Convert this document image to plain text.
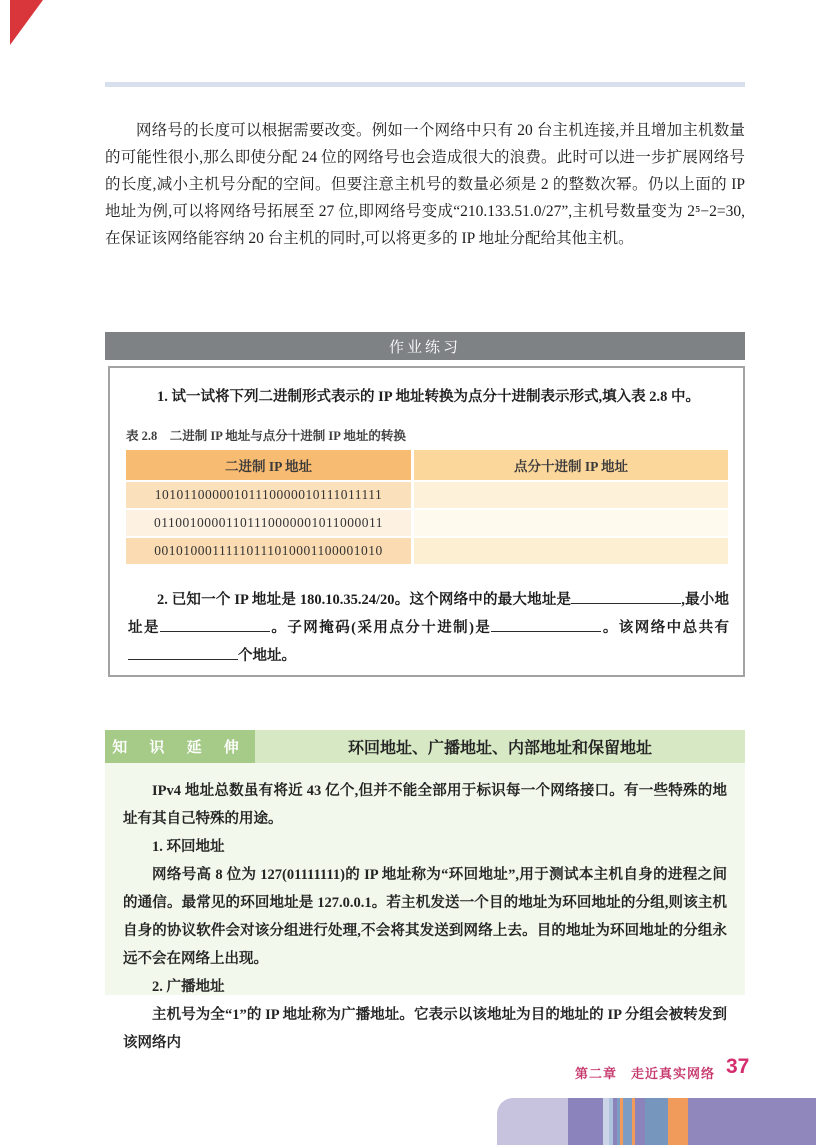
网络号的长度可以根据需要改变。例如一个网络中只有 20 台主机连接,并且增加主机数量的可能性很小,那么即使分配 24 位的网络号也会造成很大的浪费。此时可以进一步扩展网络号的长度,减小主机号分配的空间。但要注意主机号的数量必须是 2 的整数次幂。仍以上面的 IP 地址为例,可以将网络号拓展至 27 位,即网络号变成“210.133.51.0/27”,主机号数量变为 2⁵−2=30,在保证该网络能容纳 20 台主机的同时,可以将更多的 IP 地址分配给其他主机。

作业练习

1. 试一试将下列二进制形式表示的 IP 地址转换为点分十进制表示形式,填入表 2.8 中。

表 2.8　二进制 IP 地址与点分十进制 IP 地址的转换
二进制 IP 地址	点分十进制 IP 地址
10101100000101110000010111011111
01100100001101110000001011000011
00101000111110111010001100001010

2. 已知一个 IP 地址是 180.10.35.24/20。这个网络中的最大地址是	,最小地址是	。子网掩码(采用点分十进制)是	。该网络中总共有个地址。

知 识 延 伸	环回地址、广播地址、内部地址和保留地址

IPv4 地址总数虽有将近 43 亿个,但并不能全部用于标识每一个网络接口。有一些特殊的地址有其自己特殊的用途。

1. 环回地址

网络号高 8 位为 127(01111111)的 IP 地址称为“环回地址”,用于测试本主机自身的进程之间的通信。最常见的环回地址是 127.0.0.1。若主机发送一个目的地址为环回地址的分组,则该主机自身的协议软件会对该分组进行处理,不会将其发送到网络上去。目的地址为环回地址的分组永远不会在网络上出现。

2. 广播地址

主机号为全“1”的 IP 地址称为广播地址。它表示以该地址为目的地址的 IP 分组会被转发到该网络内

第二章　走近真实网络 37
